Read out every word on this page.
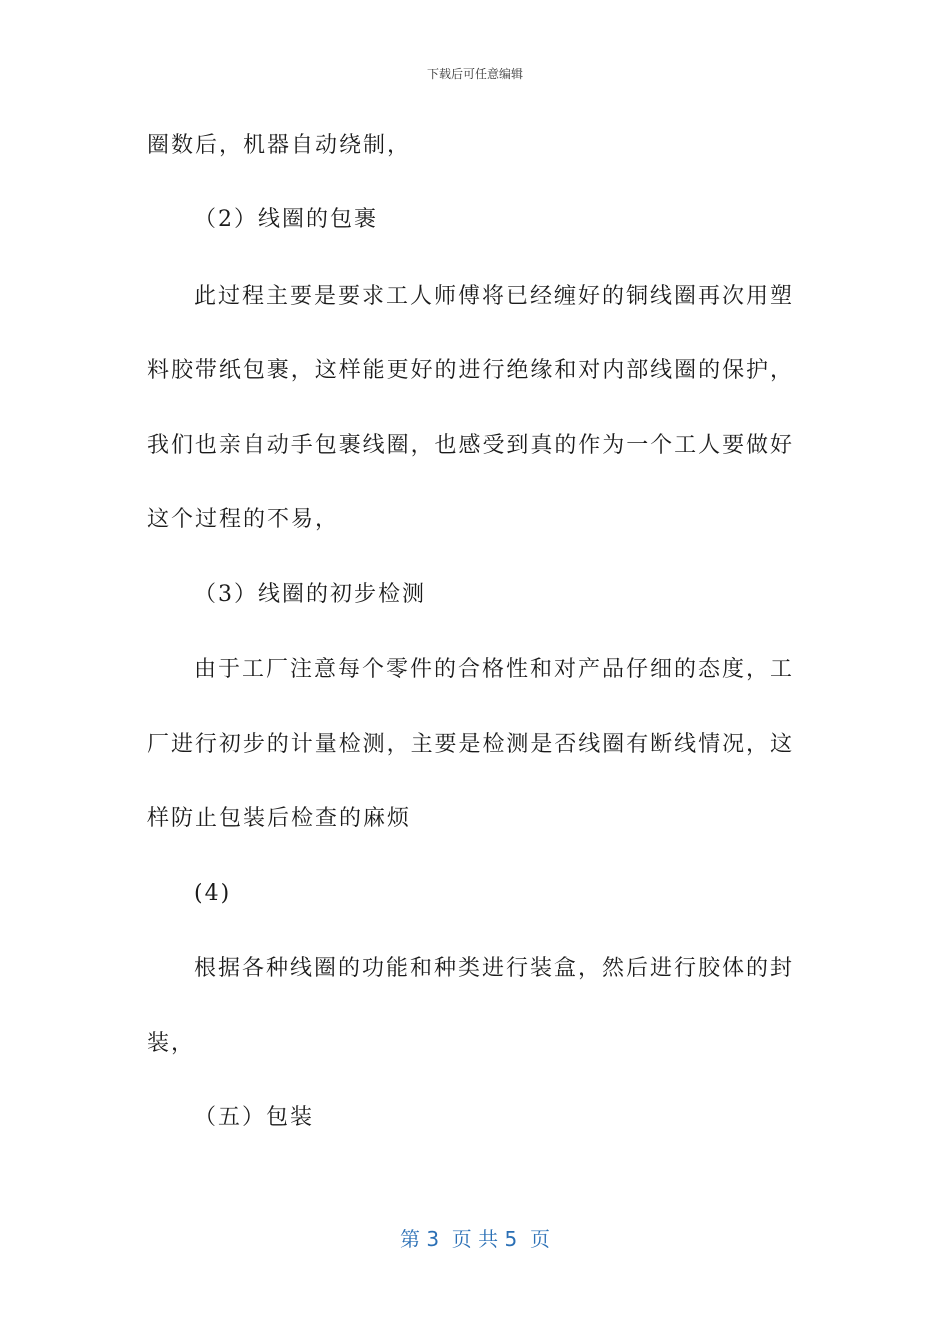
下载后可任意编辑
圈数后，机器自动绕制，
（2）线圈的包裹
此过程主要是要求工人师傅将已经缠好的铜线圈再次用塑
料胶带纸包裹，这样能更好的进行绝缘和对内部线圈的保护，
我们也亲自动手包裹线圈，也感受到真的作为一个工人要做好
这个过程的不易，
（3）线圈的初步检测
由于工厂注意每个零件的合格性和对产品仔细的态度，工
厂进行初步的计量检测，主要是检测是否线圈有断线情况，这
样防止包装后检查的麻烦
(4)
根据各种线圈的功能和种类进行装盒，然后进行胶体的封
装，
（五）包装
第 3  页 共 5  页
